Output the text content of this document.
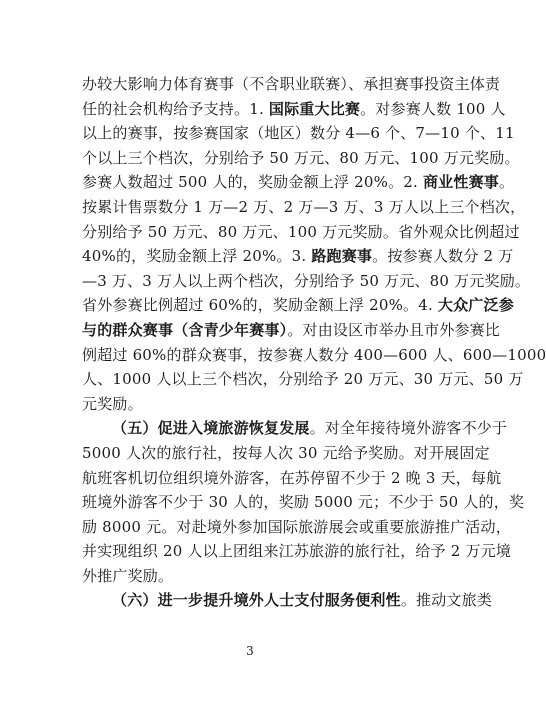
办较大影响力体育赛事（不含职业联赛）、承担赛事投资主体责
任的社会机构给予支持。1. 国际重大比赛。对参赛人数 100 人
以上的赛事，按参赛国家（地区）数分 4—6 个、7—10 个、11
个以上三个档次，分别给予 50 万元、80 万元、100 万元奖励。
参赛人数超过 500 人的，奖励金额上浮 20%。2. 商业性赛事。
按累计售票数分 1 万—2 万、2 万—3 万、3 万人以上三个档次，
分别给予 50 万元、80 万元、100 万元奖励。省外观众比例超过
40%的，奖励金额上浮 20%。3. 路跑赛事。按参赛人数分 2 万
—3 万、3 万人以上两个档次，分别给予 50 万元、80 万元奖励。
省外参赛比例超过 60%的，奖励金额上浮 20%。4. 大众广泛参
与的群众赛事（含青少年赛事）。对由设区市举办且市外参赛比
例超过 60%的群众赛事，按参赛人数分 400—600 人、600—1000
人、1000 人以上三个档次，分别给予 20 万元、30 万元、50 万
元奖励。
（五）促进入境旅游恢复发展。对全年接待境外游客不少于
5000 人次的旅行社，按每人次 30 元给予奖励。对开展固定
航班客机切位组织境外游客，在苏停留不少于 2 晚 3 天，每航
班境外游客不少于 30 人的，奖励 5000 元；不少于 50 人的，奖
励 8000 元。对赴境外参加国际旅游展会或重要旅游推广活动，
并实现组织 20 人以上团组来江苏旅游的旅行社，给予 2 万元境
外推广奖励。
（六）进一步提升境外人士支付服务便利性。推动文旅类
3
